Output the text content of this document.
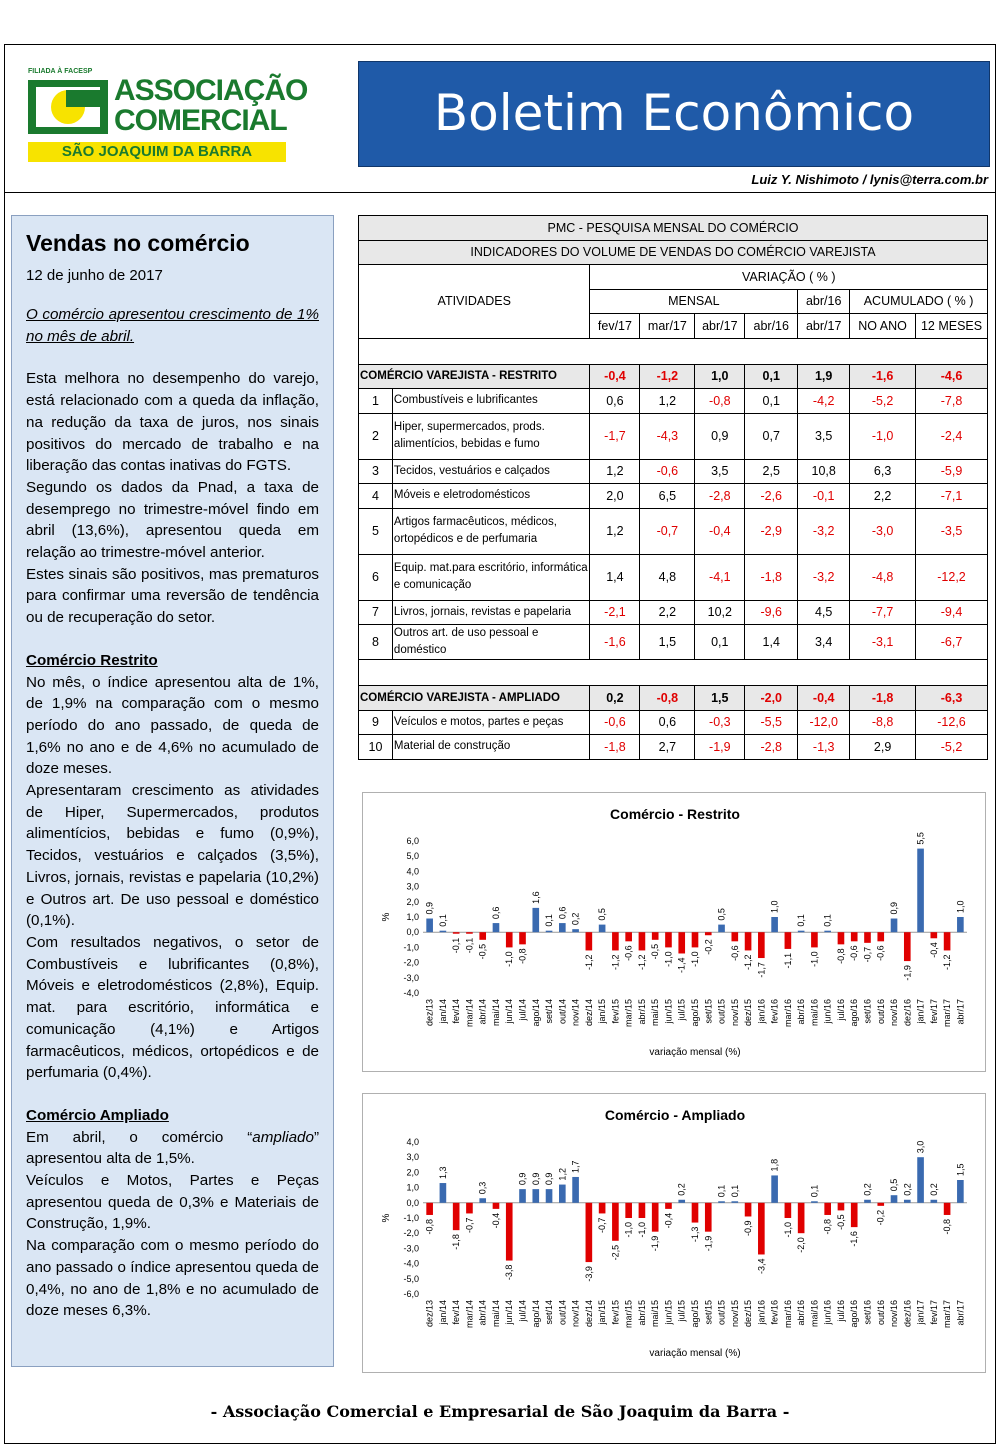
FILIADA À FACESP
ASSOCIAÇÃO
COMERCIAL
SÃO JOAQUIM DA BARRA
Boletim Econômico
Luiz Y. Nishimoto / lynis@terra.com.br
Vendas no comércio
12 de junho de 2017

O comércio apresentou crescimento de 1% no mês de abril.

Esta melhora no desempenho do varejo, está relacionado com a queda da inflação, na redução da taxa de juros, nos sinais positivos do mercado de trabalho e na liberação das contas inativas do FGTS.

Segundo os dados da Pnad, a taxa de desemprego no trimestre-móvel findo em abril (13,6%), apresentou queda em relação ao trimestre-móvel anterior.

Estes sinais são positivos, mas prematuros para confirmar uma reversão de tendência ou de recuperação do setor.

Comércio Restrito

No mês, o índice apresentou alta de 1%, de 1,9% na comparação com o mesmo período do ano passado, de queda de 1,6% no ano e de 4,6% no acumulado de doze meses.

Apresentaram crescimento as atividades de Hiper, Supermercados, produtos alimentícios, bebidas e fumo (0,9%), Tecidos, vestuários e calçados (3,5%), Livros, jornais, revistas e papelaria (10,2%) e Outros art. De uso pessoal e doméstico (0,1%).

Com resultados negativos, o setor de Combustíveis e lubrificantes (0,8%), Móveis e eletrodomésticos (2,8%), Equip. mat. para escritório, informática e comunicação (4,1%) e Artigos farmacêuticos, médicos, ortopédicos e de perfumaria (0,4%).

Comércio Ampliado

Em abril, o comércio “ampliado” apresentou alta de 1,5%.

Veículos e Motos, Partes e Peças apresentou queda de 0,3% e Materiais de Construção, 1,9%.

Na comparação com o mesmo período do ano passado o índice apresentou queda de 0,4%, no ano de 1,8% e no acumulado de doze meses 6,3%.

PMC - PESQUISA MENSAL DO COMÉRCIO								
INDICADORES DO VOLUME DE VENDAS DO COMÉRCIO VAREJISTA								
ATIVIDADES		VARIAÇÃO ( % )						
		MENSAL				abr/16	ACUMULADO ( % )	
		fev/17	mar/17	abr/17	abr/16	abr/17	NO ANO	12 MESES

COMÉRCIO VAREJISTA - RESTRITO		-0,4	-1,2	1,0	0,1	1,9	-1,6	-4,6
1	Combustíveis e lubrificantes	0,6	1,2	-0,8	0,1	-4,2	-5,2	-7,8
2	Hiper, supermercados, prods. alimentícios, bebidas e fumo	-1,7	-4,3	0,9	0,7	3,5	-1,0	-2,4
3	Tecidos, vestuários e calçados	1,2	-0,6	3,5	2,5	10,8	6,3	-5,9
4	Móveis e eletrodomésticos	2,0	6,5	-2,8	-2,6	-0,1	2,2	-7,1
5	Artigos farmacêuticos, médicos, ortopédicos e de perfumaria	1,2	-0,7	-0,4	-2,9	-3,2	-3,0	-3,5
6	Equip. mat.para escritório, informática e comunicação	1,4	4,8	-4,1	-1,8	-3,2	-4,8	-12,2
7	Livros, jornais, revistas e papelaria	-2,1	2,2	10,2	-9,6	4,5	-7,7	-9,4
8	Outros art. de uso pessoal e doméstico	-1,6	1,5	0,1	1,4	3,4	-3,1	-6,7

COMÉRCIO VAREJISTA - AMPLIADO		0,2	-0,8	1,5	-2,0	-0,4	-1,8	-6,3
9	Veículos e motos, partes e peças	-0,6	0,6	-0,3	-5,5	-12,0	-8,8	-12,6
10	Material de construção	-1,8	2,7	-1,9	-2,8	-1,3	2,9	-5,2
Comércio - Restrito
6,0
5,0
4,0
3,0
2,0
1,0
0,0
-1,0
-2,0
-3,0
-4,0
%
0,9
dez/13
0,1
jan/14
-0,1
fev/14
-0,1
mar/14
-0,5
abr/14
0,6
mai/14
-1,0
jun/14
-0,8
jul/14
1,6
ago/14
0,1
set/14
0,6
out/14
0,2
nov/14
-1,2
dez/14
0,5
jan/15
-1,2
fev/15
-0,6
mar/15
-1,2
abr/15
-0,5
mai/15
-1,0
jun/15
-1,4
jul/15
-1,0
ago/15
-0,2
set/15
0,5
out/15
-0,6
nov/15
-1,2
dez/15
-1,7
jan/16
1,0
fev/16
-1,1
mar/16
0,1
abr/16
-1,0
mai/16
0,1
jun/16
-0,8
jul/16
-0,6
ago/16
-0,7
set/16
-0,6
out/16
0,9
nov/16
-1,9
dez/16
5,5
jan/17
-0,4
fev/17
-1,2
mar/17
1,0
abr/17
variação mensal (%)
Comércio - Ampliado
4,0
3,0
2,0
1,0
0,0
-1,0
-2,0
-3,0
-4,0
-5,0
-6,0
%
-0,8
dez/13
1,3
jan/14
-1,8
fev/14
-0,7
mar/14
0,3
abr/14
-0,4
mai/14
-3,8
jun/14
0,9
jul/14
0,9
ago/14
0,9
set/14
1,2
out/14
1,7
nov/14
-3,9
dez/14
-0,7
jan/15
-2,5
fev/15
-1,0
mar/15
-1,0
abr/15
-1,9
mai/15
-0,4
jun/15
0,2
jul/15
-1,3
ago/15
-1,9
set/15
0,1
out/15
0,1
nov/15
-0,9
dez/15
-3,4
jan/16
1,8
fev/16
-1,0
mar/16
-2,0
abr/16
0,1
mai/16
-0,8
jun/16
-0,5
jul/16
-1,6
ago/16
0,2
set/16
-0,2
out/16
0,5
nov/16
0,2
dez/16
3,0
jan/17
0,2
fev/17
-0,8
mar/17
1,5
abr/17
variação mensal (%)
- Associação Comercial e Empresarial de São Joaquim da Barra -
